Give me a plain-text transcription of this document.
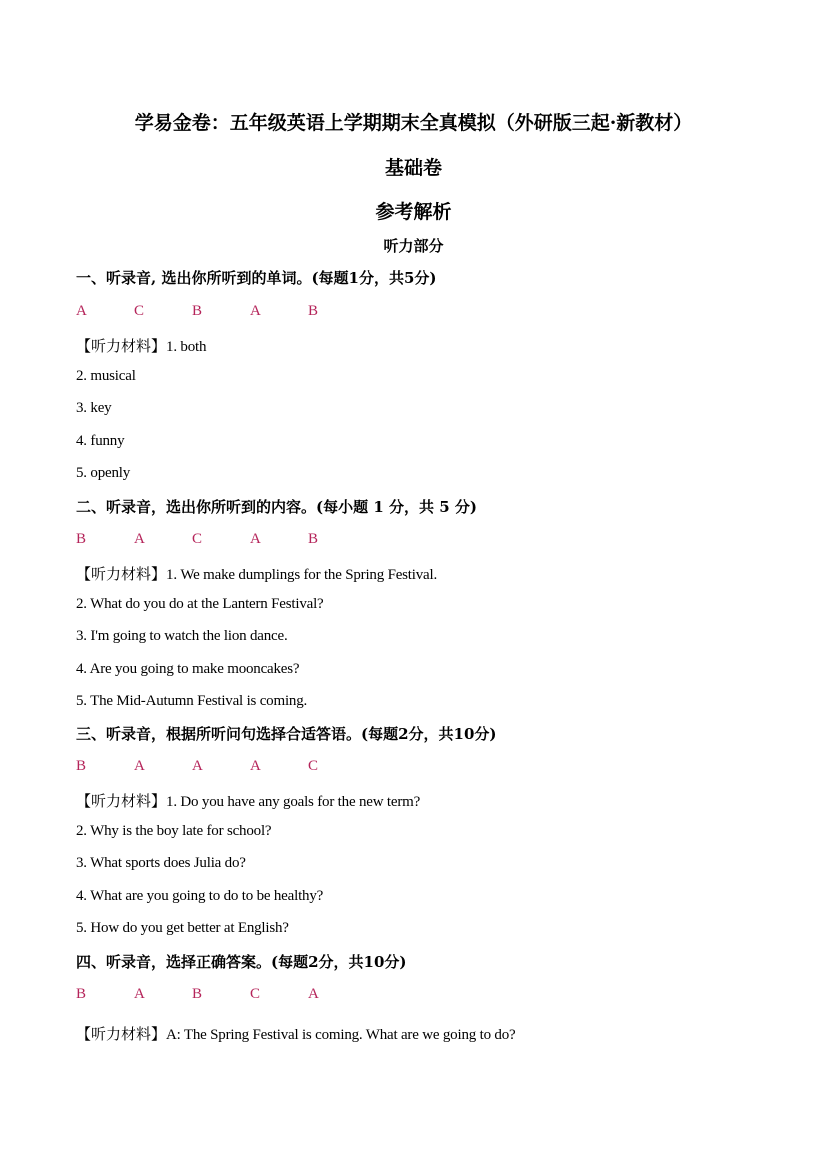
学易金卷：五年级英语上学期期末全真模拟（外研版三起·新教材）
基础卷
参考解析
听力部分
一、听录音, 选出你所听到的单词。(每题1分，共5分)
A	C	B	A	B
【听力材料】1. both
2. musical
3. key
4. funny
5. openly
二、听录音，选出你所听到的内容。(每小题 1 分，共 5 分)
B	A	C	A	B
【听力材料】1. We make dumplings for the Spring Festival.
2. What do you do at the Lantern Festival?
3. I'm going to watch the lion dance.
4. Are you going to make mooncakes?
5. The Mid-Autumn Festival is coming.
三、听录音，根据所听问句选择合适答语。(每题2分，共10分)
B	A	A	A	C
【听力材料】1. Do you have any goals for the new term?
2. Why is the boy late for school?
3. What sports does Julia do?
4. What are you going to do to be healthy?
5. How do you get better at English?
四、听录音，选择正确答案。(每题2分，共10分)
B	A	B	C	A
【听力材料】A: The Spring Festival is coming. What are we going to do?
